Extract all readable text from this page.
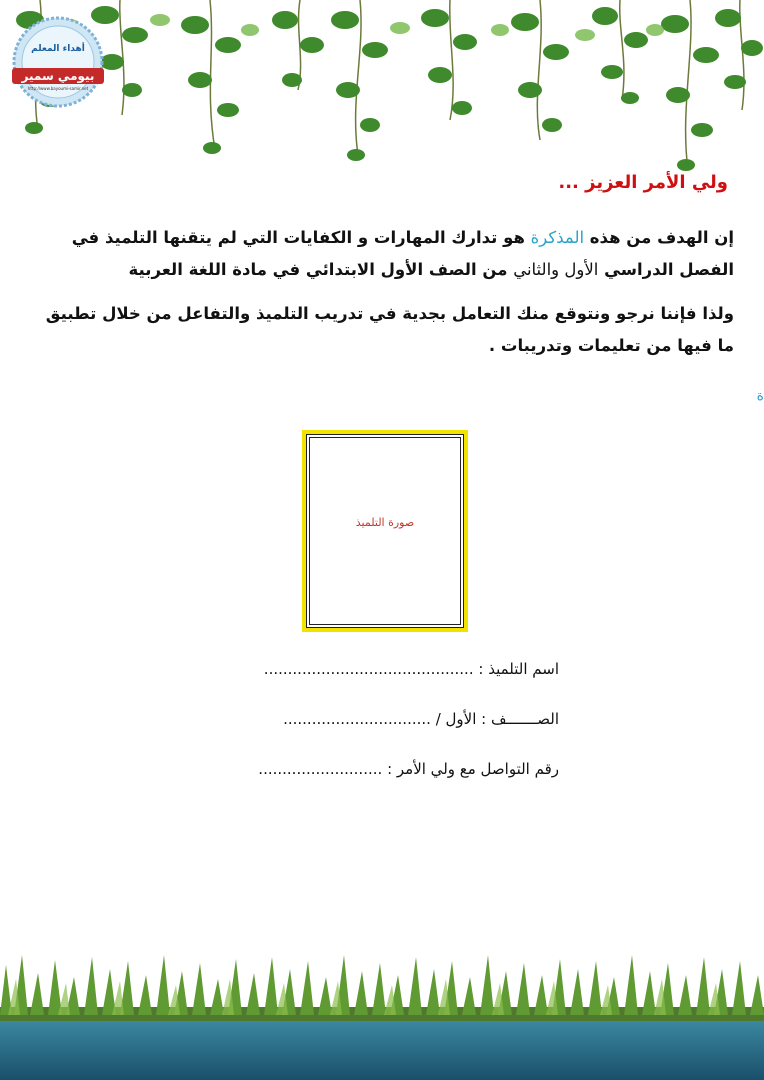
أهداء المعلم
بيومي سمير
http://www.bayoumi-samir.net
ولي الأمر العزيز ...
إن الهدف من هذه المذكرة هو تدارك المهارات و الكفايات التي لم يتقنها التلميذ في الفصل الدراسي الأول والثاني من الصف الأول الابتدائي في مادة اللغة العربية
ولذا فإننا نرجو ونتوقع منك التعامل بجدية في تدريب التلميذ والتفاعل من خلال تطبيق ما فيها من تعليمات وتدريبات .
ة
صورة التلميذ
اسم التلميذ : ............................................
الصـــــــف : الأول / ...............................
رقم التواصل مع ولي الأمر : ..........................
